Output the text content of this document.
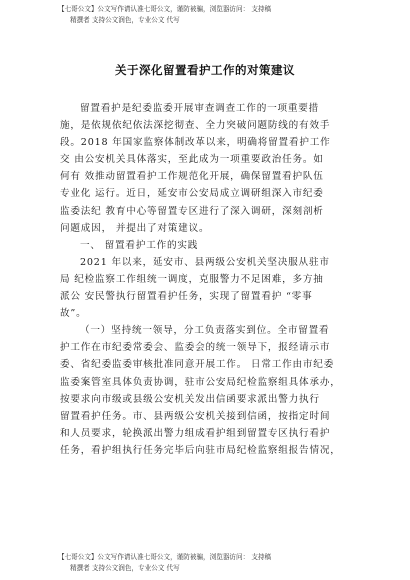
【七哥公文】公文写作请认准七哥公文，谨防被骗，浏览器访问： 支持稿
精撰者 支持公文润色，专业公文 代写
关于深化留置看护工作的对策建议
留置看护是纪委监委开展审查调查工作的一项重要措
施，是依规依纪依法深挖彻查、全力突破问题防线的有效手
段。2018 年国家监察体制改革以来，明确将留置看护工作
交 由公安机关具体落实，至此成为一项重要政治任务。如
何有 效推动留置看护工作规范化开展，确保留置看护队伍
专业化 运行。近日，延安市公安局成立调研组深入市纪委
监委法纪 教育中心等留置专区进行了深入调研，深刻剖析
问题成因， 并提出了对策建议。
一、 留置看护工作的实践
2021 年以来，延安市、县两级公安机关坚决服从驻市
局 纪检监察工作组统一调度，克服警力不足困难，多方抽
派公 安民警执行留置看护任务，实现了留置看护 “零事
故”。
（一）坚持统一领导，分工负责落实到位。全市留置看
护工作在市纪委常委会、监委会的统一领导下，报经请示市
委、省纪委监委审核批准同意开展工作。 日常工作由市纪委
监委案管室具体负责协调，驻市公安局纪检监察组具体承办，
按要求向市级或县级公安机关发出信函要求派出警力执行
留置看护任务。市、县两级公安机关接到信函，按指定时间
和人员要求，轮换派出警力组成看护组到留置专区执行看护
任务，看护组执行任务完毕后向驻市局纪检监察组报告情况，
【七哥公文】公文写作请认准七哥公文，谨防被骗，浏览器访问： 支持稿
精撰者 支持公文润色，专业公文 代写
